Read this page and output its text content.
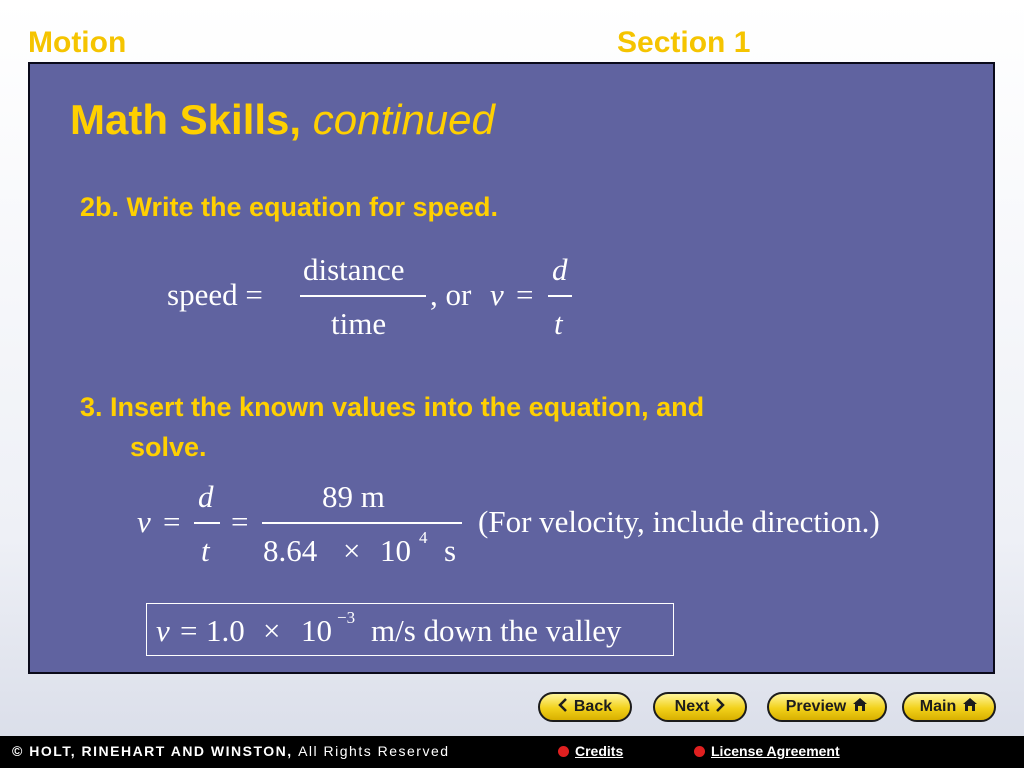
Motion	Section 1
Math Skills, continued
2b. Write the equation for speed.
speed =
distance
time
, or v =
d
t
3. Insert the known values into the equation, and
solve.
v =
d
t
=
89 m
8.64 × 10 4 s
(For velocity, include direction.)
v = 1.0 × 10 −3 m/s down the valley
Back	Next	Preview	Main
© HOLT, RINEHART AND WINSTON, All Rights Reserved	Credits	License Agreement
